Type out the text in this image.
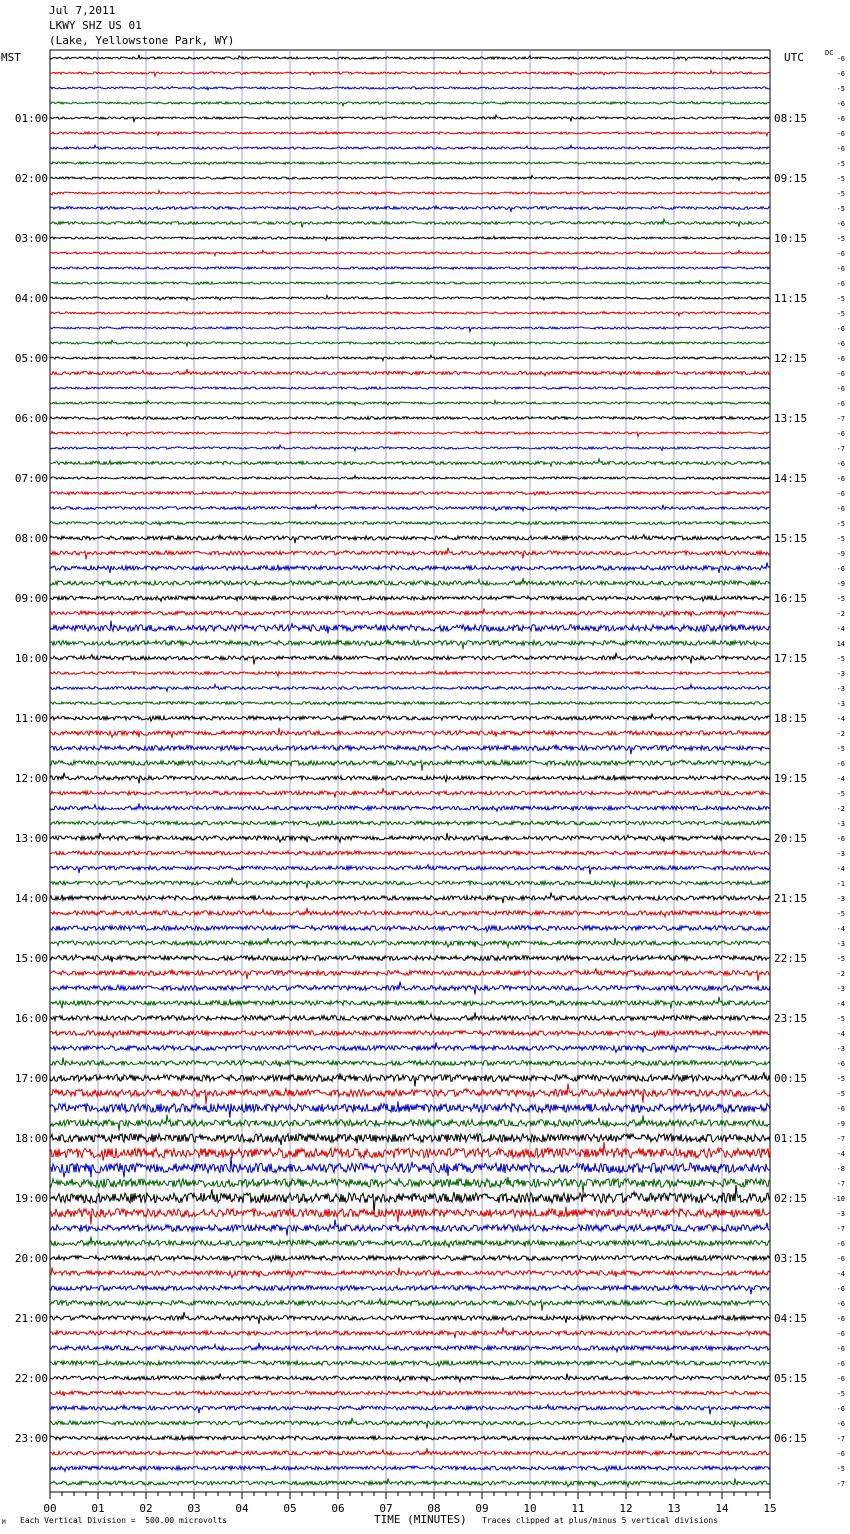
Jul 7,2011
LKWY SHZ US 01
(Lake, Yellowstone Park, WY)
MST	UTC	DC
00	01	02	03	04	05	06	07	08	09	10	11	12	13	14	15
-6
-6
-5
-6
-6
01:00	08:15
-6
-6
-5
-5
02:00	09:15
-5
-5
-6
-5
03:00	10:15
-6
-6
-6
-5
04:00	11:15
-5
-6
-6
-6
05:00	12:15
-6
-6
-6
-7
06:00	13:15
-6
-7
-6
-6
07:00	14:15
-6
-6
-5
-5
08:00	15:15
-9
-6
-9
-5
09:00	16:15
-2
-4
14
-5
10:00	17:15
-3
-3
-3
-4
11:00	18:15
-2
-5
-6
-4
12:00	19:15
-5
-2
-3
-6
13:00	20:15
-3
-4
-1
-3
14:00	21:15
-5
-4
-3
-5
15:00	22:15
-2
-3
-4
-5
16:00	23:15
-4
-3
-6
-5
17:00	00:15
-5
-6
-9
-7
18:00	01:15
-4
-8
-7
-10
19:00	02:15
-3
-7
-6
-6
20:00	03:15
-4
-6
-6
-6
21:00	04:15
-6
-6
-6
-6
22:00	05:15
-5
-6
-6
-7
23:00	06:15
-6
-5
-7
TIME (MINUTES)
Each Vertical Division =  500.00 microvolts	Traces clipped at plus/minus 5 vertical divisions
M
